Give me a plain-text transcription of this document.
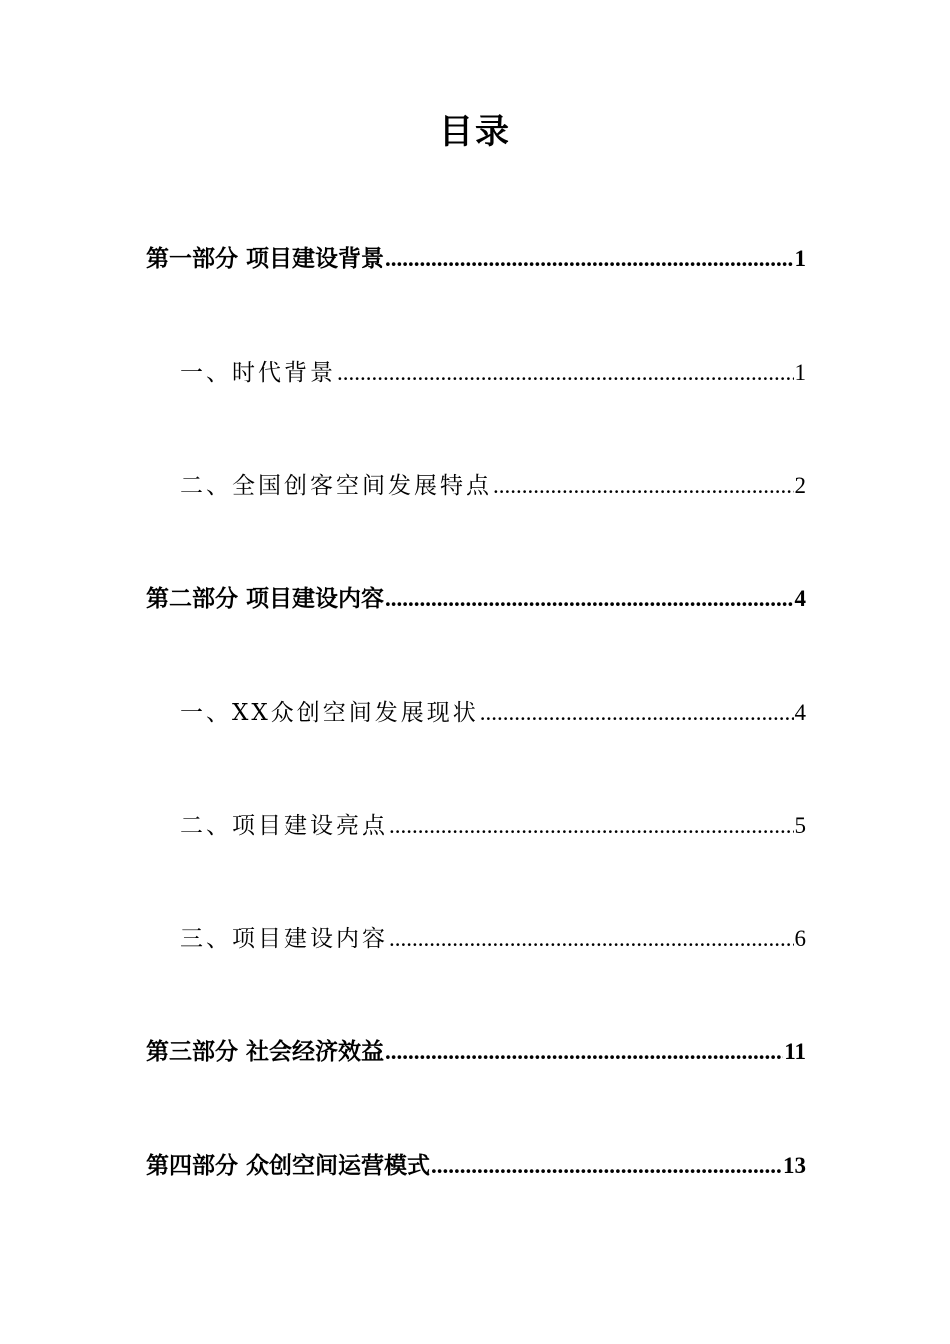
目录
第一部分 项目建设背景 .....	1
一、时代背景 .....	1
二、全国创客空间发展特点 .....	2
第二部分 项目建设内容 .....	4
一、XX众创空间发展现状 .....	4
二、项目建设亮点 .....	5
三、项目建设内容 .....	6
第三部分 社会经济效益 .....	11
第四部分 众创空间运营模式 .....	13
